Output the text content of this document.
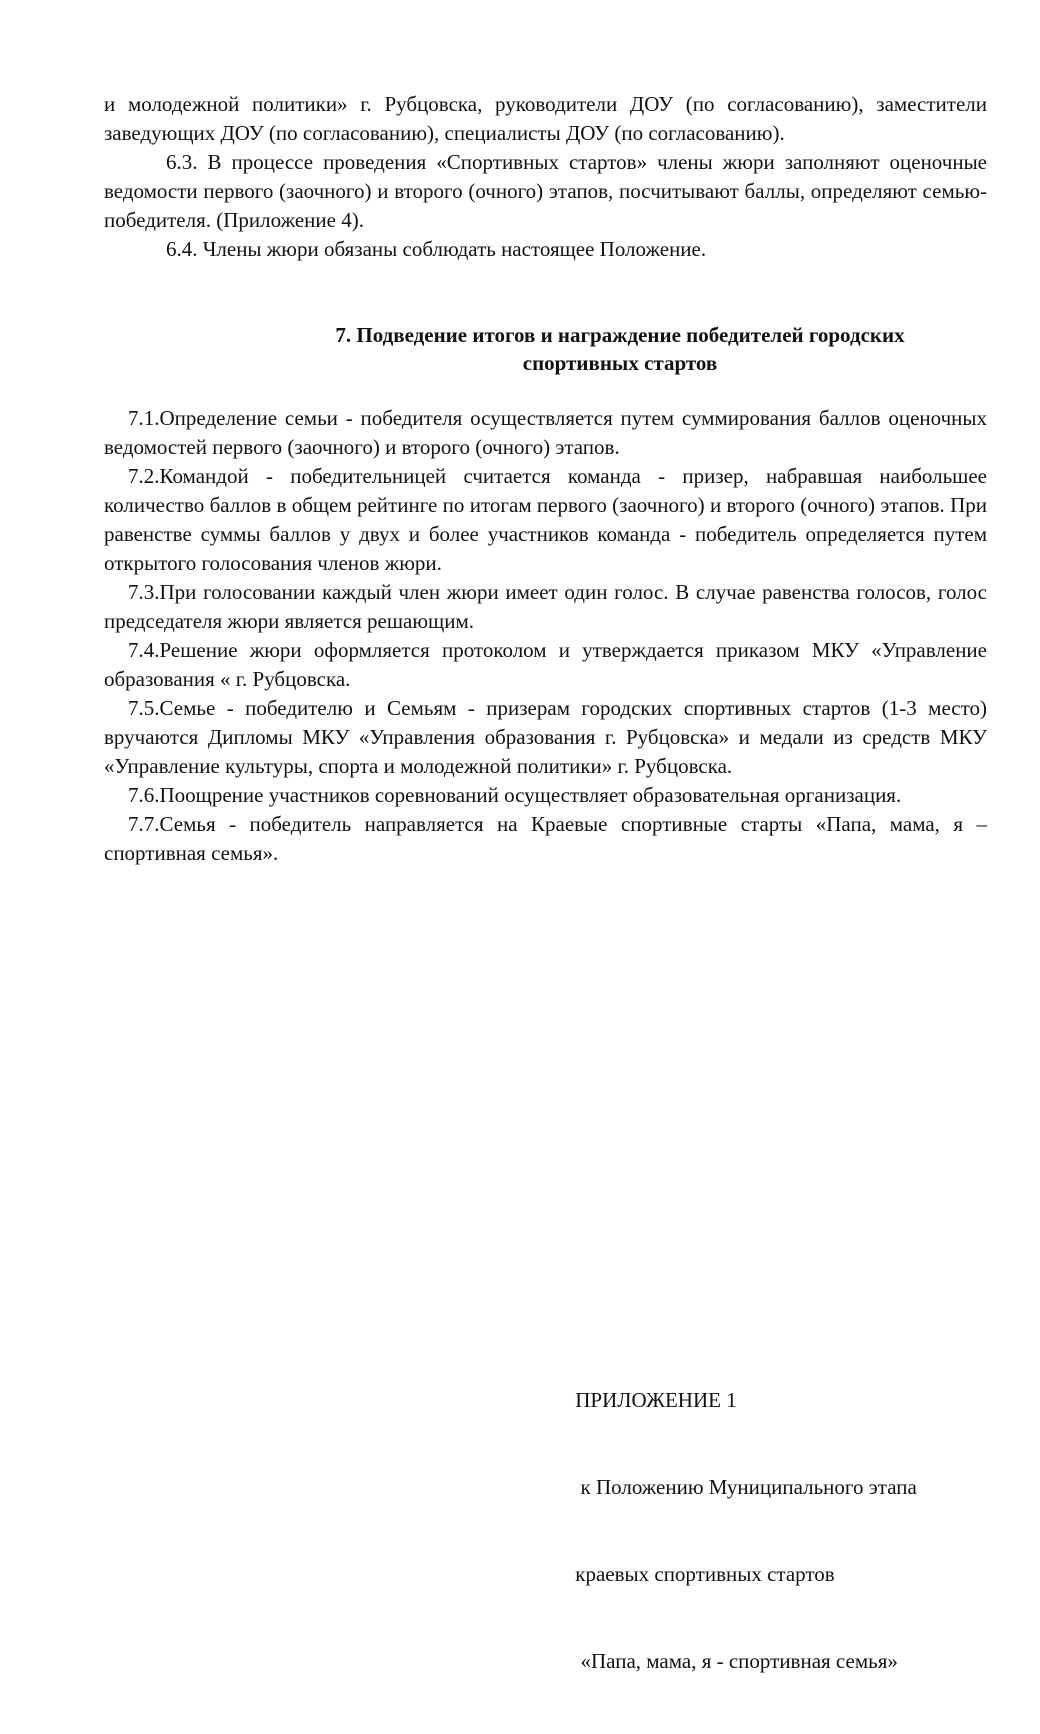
и молодежной политики» г. Рубцовска, руководители ДОУ (по согласованию), заместители заведующих ДОУ (по согласованию), специалисты ДОУ (по согласованию).

6.3. В процессе проведения «Спортивных стартов» члены жюри заполняют оценочные ведомости первого (заочного) и второго (очного) этапов, посчитывают баллы, определяют семью-победителя. (Приложение 4).

6.4. Члены жюри обязаны соблюдать настоящее Положение.

7. Подведение итогов и награждение победителей городских
спортивных стартов

7.1.Определение семьи - победителя осуществляется путем суммирования баллов оценочных ведомостей первого (заочного) и второго (очного) этапов.

7.2.Командой - победительницей считается команда - призер, набравшая наибольшее количество баллов в общем рейтинге по итогам первого (заочного) и второго (очного) этапов. При равенстве суммы баллов у двух и более участников команда - победитель определяется путем открытого голосования членов жюри.

7.3.При голосовании каждый член жюри имеет один голос. В случае равенства голосов, голос председателя жюри является решающим.

7.4.Решение жюри оформляется протоколом и утверждается приказом МКУ «Управление образования « г. Рубцовска.

7.5.Семье - победителю и Семьям - призерам городских спортивных стартов (1-3 место) вручаются Дипломы МКУ «Управления образования г. Рубцовска» и медали из средств МКУ «Управление культуры, спорта и молодежной политики» г. Рубцовска.

7.6.Поощрение участников соревнований осуществляет образовательная организация.

7.7.Семья - победитель направляется на Краевые спортивные старты «Папа, мама, я – спортивная семья».

ПРИЛОЖЕНИЕ 1

к Положению Муниципального этапа

краевых спортивных стартов

«Папа, мама, я - спортивная семья»
